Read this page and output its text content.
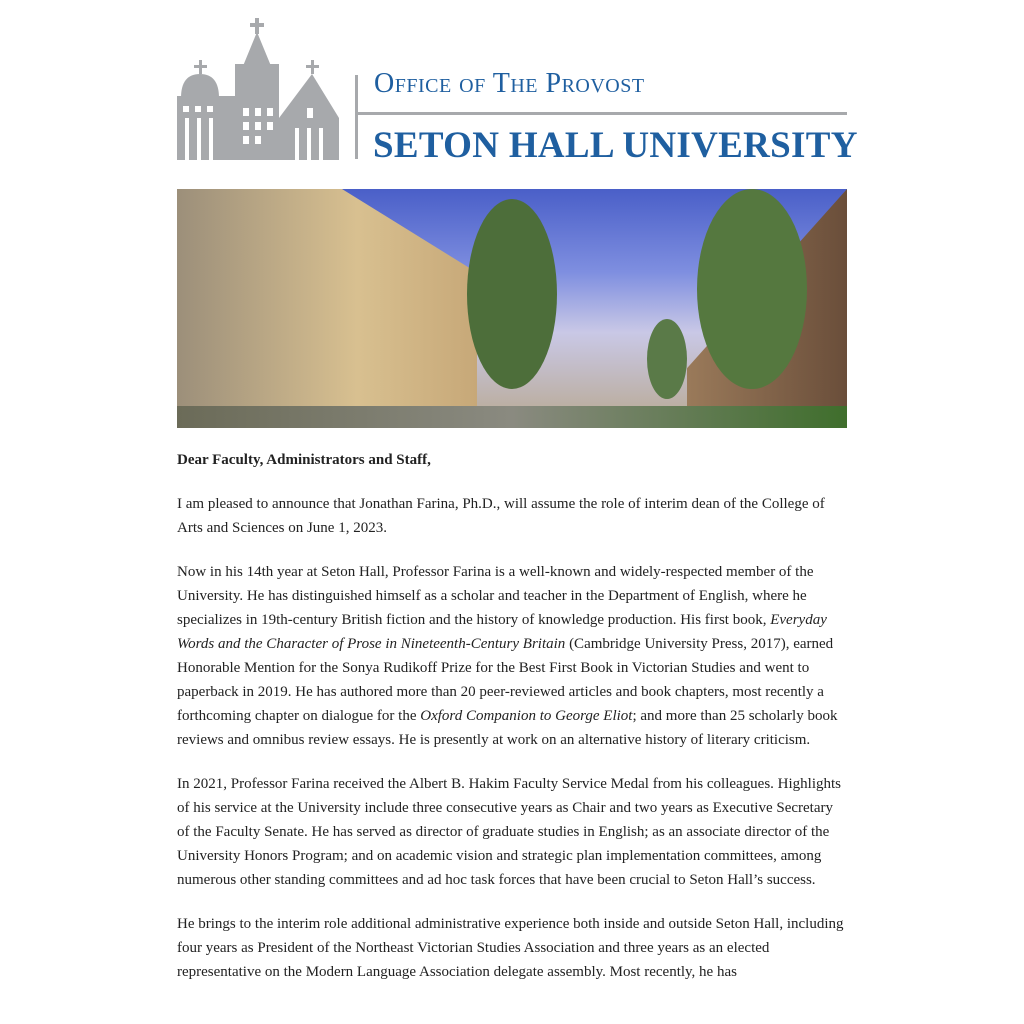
Office of The Provost
SETON HALL UNIVERSITY

Dear Faculty, Administrators and Staff,

I am pleased to announce that Jonathan Farina, Ph.D., will assume the role of interim dean of the College of Arts and Sciences on June 1, 2023.

Now in his 14th year at Seton Hall, Professor Farina is a well-known and widely-respected member of the University. He has distinguished himself as a scholar and teacher in the Department of English, where he specializes in 19th-century British fiction and the history of knowledge production. His first book, Everyday Words and the Character of Prose in Nineteenth-Century Britain (Cambridge University Press, 2017), earned Honorable Mention for the Sonya Rudikoff Prize for the Best First Book in Victorian Studies and went to paperback in 2019. He has authored more than 20 peer-reviewed articles and book chapters, most recently a forthcoming chapter on dialogue for the Oxford Companion to George Eliot; and more than 25 scholarly book reviews and omnibus review essays. He is presently at work on an alternative history of literary criticism.

In 2021, Professor Farina received the Albert B. Hakim Faculty Service Medal from his colleagues. Highlights of his service at the University include three consecutive years as Chair and two years as Executive Secretary of the Faculty Senate. He has served as director of graduate studies in English; as an associate director of the University Honors Program; and on academic vision and strategic plan implementation committees, among numerous other standing committees and ad hoc task forces that have been crucial to Seton Hall’s success.

He brings to the interim role additional administrative experience both inside and outside Seton Hall, including four years as President of the Northeast Victorian Studies Association and three years as an elected representative on the Modern Language Association delegate assembly. Most recently, he has
